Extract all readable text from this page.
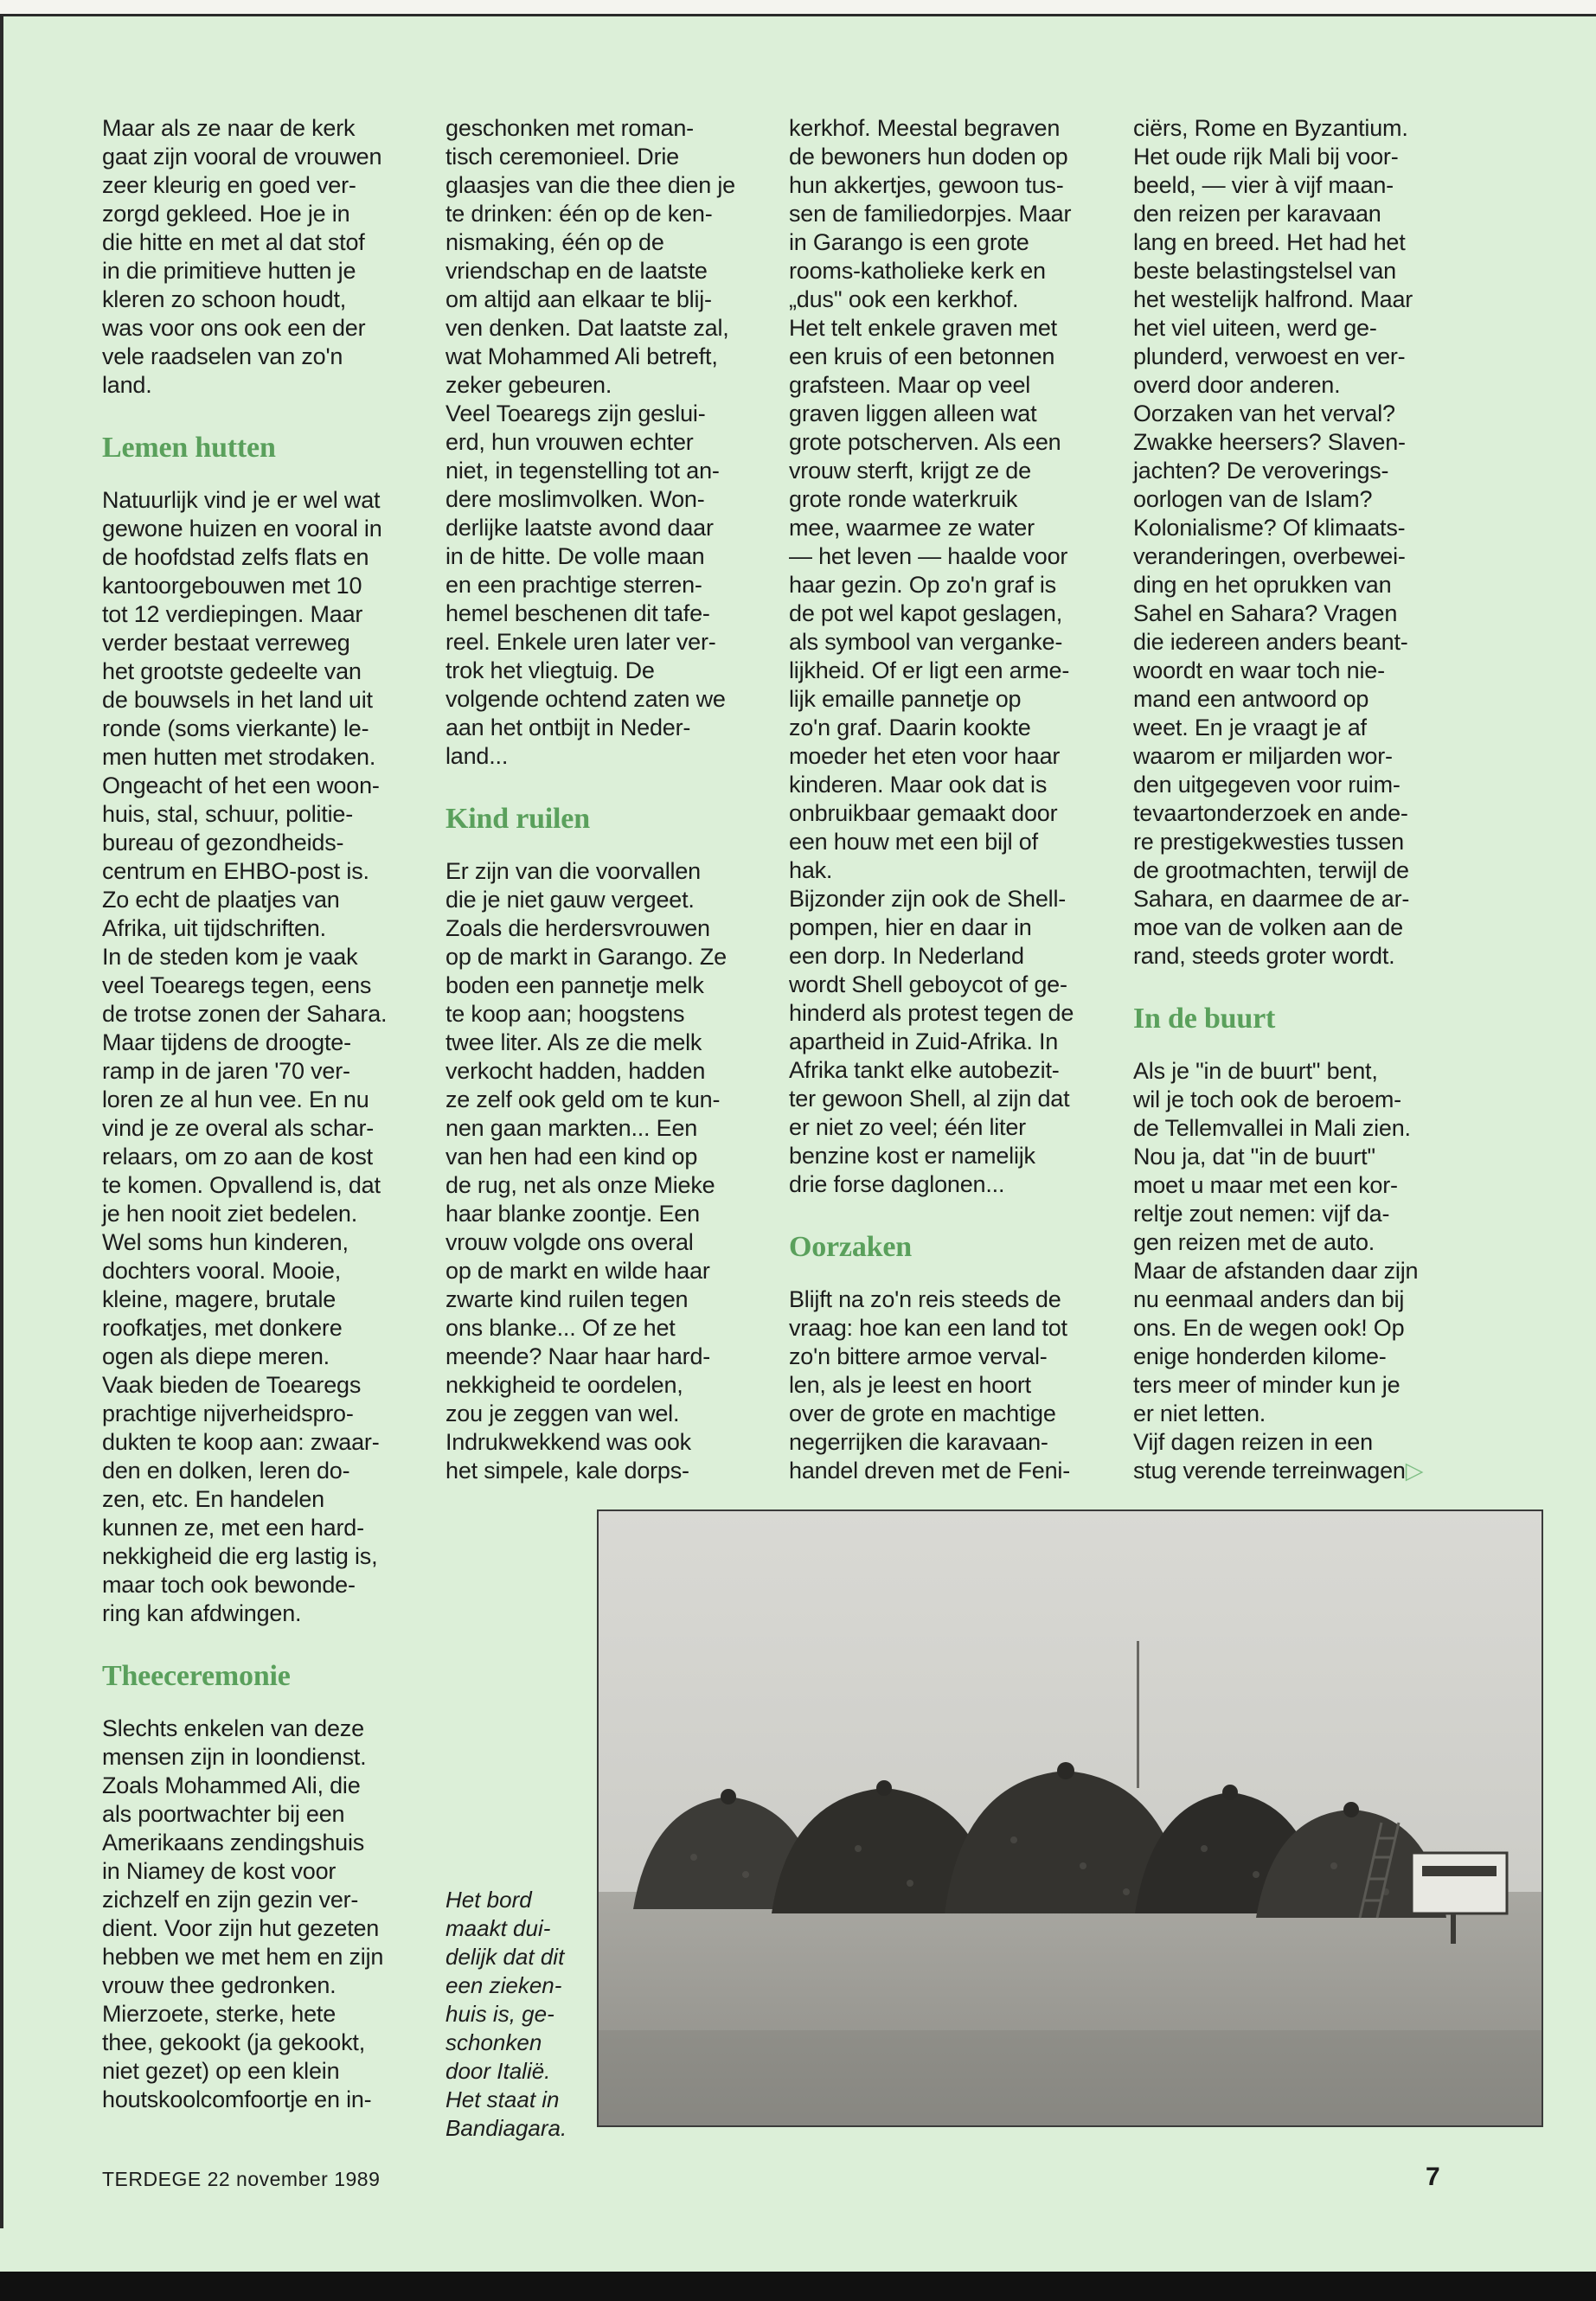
Maar als ze naar de kerk
gaat zijn vooral de vrouwen
zeer kleurig en goed ver-
zorgd gekleed. Hoe je in
die hitte en met al dat stof
in die primitieve hutten je
kleren zo schoon houdt,
was voor ons ook een der
vele raadselen van zo'n
land.

Lemen hutten

Natuurlijk vind je er wel wat
gewone huizen en vooral in
de hoofdstad zelfs flats en
kantoorgebouwen met 10
tot 12 verdiepingen. Maar
verder bestaat verreweg
het grootste gedeelte van
de bouwsels in het land uit
ronde (soms vierkante) le-
men hutten met strodaken.
Ongeacht of het een woon-
huis, stal, schuur, politie-
bureau of gezondheids-
centrum en EHBO-post is.
Zo echt de plaatjes van
Afrika, uit tijdschriften.
In de steden kom je vaak
veel Toearegs tegen, eens
de trotse zonen der Sahara.
Maar tijdens de droogte-
ramp in de jaren '70 ver-
loren ze al hun vee. En nu
vind je ze overal als schar-
relaars, om zo aan de kost
te komen. Opvallend is, dat
je hen nooit ziet bedelen.
Wel soms hun kinderen,
dochters vooral. Mooie,
kleine, magere, brutale
roofkatjes, met donkere
ogen als diepe meren.
Vaak bieden de Toearegs
prachtige nijverheidspro-
dukten te koop aan: zwaar-
den en dolken, leren do-
zen, etc. En handelen
kunnen ze, met een hard-
nekkigheid die erg lastig is,
maar toch ook bewonde-
ring kan afdwingen.

Theeceremonie

Slechts enkelen van deze
mensen zijn in loondienst.
Zoals Mohammed Ali, die
als poortwachter bij een
Amerikaans zendingshuis
in Niamey de kost voor
zichzelf en zijn gezin ver-
dient. Voor zijn hut gezeten
hebben we met hem en zijn
vrouw thee gedronken.
Mierzoete, sterke, hete
thee, gekookt (ja gekookt,
niet gezet) op een klein
houtskoolcomfoortje en in-

geschonken met roman-
tisch ceremonieel. Drie
glaasjes van die thee dien je
te drinken: één op de ken-
nismaking, één op de
vriendschap en de laatste
om altijd aan elkaar te blij-
ven denken. Dat laatste zal,
wat Mohammed Ali betreft,
zeker gebeuren.
Veel Toearegs zijn geslui-
erd, hun vrouwen echter
niet, in tegenstelling tot an-
dere moslimvolken. Won-
derlijke laatste avond daar
in de hitte. De volle maan
en een prachtige sterren-
hemel beschenen dit tafe-
reel. Enkele uren later ver-
trok het vliegtuig. De
volgende ochtend zaten we
aan het ontbijt in Neder-
land...

Kind ruilen

Er zijn van die voorvallen
die je niet gauw vergeet.
Zoals die herdersvrouwen
op de markt in Garango. Ze
boden een pannetje melk
te koop aan; hoogstens
twee liter. Als ze die melk
verkocht hadden, hadden
ze zelf ook geld om te kun-
nen gaan markten... Een
van hen had een kind op
de rug, net als onze Mieke
haar blanke zoontje. Een
vrouw volgde ons overal
op de markt en wilde haar
zwarte kind ruilen tegen
ons blanke... Of ze het
meende? Naar haar hard-
nekkigheid te oordelen,
zou je zeggen van wel.
Indrukwekkend was ook
het simpele, kale dorps-

kerkhof. Meestal begraven
de bewoners hun doden op
hun akkertjes, gewoon tus-
sen de familiedorpjes. Maar
in Garango is een grote
rooms-katholieke kerk en
„dus'' ook een kerkhof.
Het telt enkele graven met
een kruis of een betonnen
grafsteen. Maar op veel
graven liggen alleen wat
grote potscherven. Als een
vrouw sterft, krijgt ze de
grote ronde waterkruik
mee, waarmee ze water
— het leven — haalde voor
haar gezin. Op zo'n graf is
de pot wel kapot geslagen,
als symbool van verganke-
lijkheid. Of er ligt een arme-
lijk emaille pannetje op
zo'n graf. Daarin kookte
moeder het eten voor haar
kinderen. Maar ook dat is
onbruikbaar gemaakt door
een houw met een bijl of
hak.
Bijzonder zijn ook de Shell-
pompen, hier en daar in
een dorp. In Nederland
wordt Shell geboycot of ge-
hinderd als protest tegen de
apartheid in Zuid-Afrika. In
Afrika tankt elke autobezit-
ter gewoon Shell, al zijn dat
er niet zo veel; één liter
benzine kost er namelijk
drie forse daglonen...

Oorzaken

Blijft na zo'n reis steeds de
vraag: hoe kan een land tot
zo'n bittere armoe verval-
len, als je leest en hoort
over de grote en machtige
negerrijken die karavaan-
handel dreven met de Feni-

ciërs, Rome en Byzantium.
Het oude rijk Mali bij voor-
beeld, — vier à vijf maan-
den reizen per karavaan
lang en breed. Het had het
beste belastingstelsel van
het westelijk halfrond. Maar
het viel uiteen, werd ge-
plunderd, verwoest en ver-
overd door anderen.
Oorzaken van het verval?
Zwakke heersers? Slaven-
jachten? De veroverings-
oorlogen van de Islam?
Kolonialisme? Of klimaats-
veranderingen, overbewei-
ding en het oprukken van
Sahel en Sahara? Vragen
die iedereen anders beant-
woordt en waar toch nie-
mand een antwoord op
weet. En je vraagt je af
waarom er miljarden wor-
den uitgegeven voor ruim-
tevaartonderzoek en ande-
re prestigekwesties tussen
de grootmachten, terwijl de
Sahara, en daarmee de ar-
moe van de volken aan de
rand, steeds groter wordt.

In de buurt

Als je "in de buurt" bent,
wil je toch ook de beroem-
de Tellemvallei in Mali zien.
Nou ja, dat "in de buurt"
moet u maar met een kor-
reltje zout nemen: vijf da-
gen reizen met de auto.
Maar de afstanden daar zijn
nu eenmaal anders dan bij
ons. En de wegen ook! Op
enige honderden kilome-
ters meer of minder kun je
er niet letten.
Vijf dagen reizen in een
stug verende terreinwagen▷

Het bord
maakt dui-
delijk dat dit
een zieken-
huis is, ge-
schonken
door Italië.
Het staat in
Bandiagara.
TERDEGE 22 november 1989	7
